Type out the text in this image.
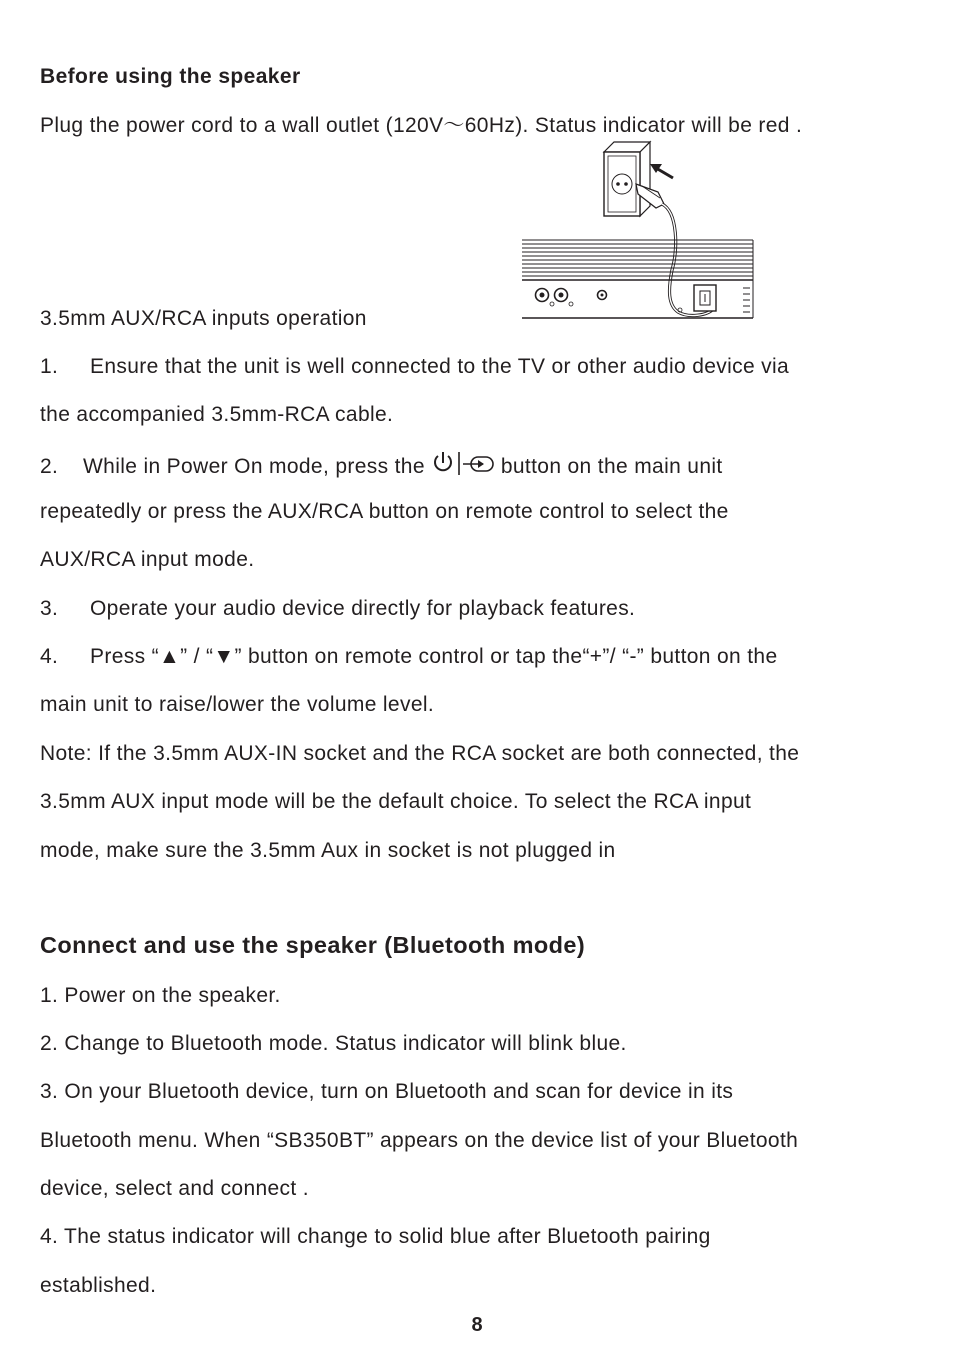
Before using the speaker
Plug the power cord to a wall outlet (120V～60Hz). Status indicator will be red .
3.5mm AUX/RCA inputs operation
1. Ensure that the unit is well connected to the TV or other audio device via
the accompanied 3.5mm-RCA cable.
2. While in Power On mode, press the	button on the main unit
repeatedly or press the AUX/RCA button on remote control to select the
AUX/RCA input mode.
3. Operate your audio device directly for playback features.
4. Press “▲” / “▼” button on remote control or tap the“+”/ “-” button on the
main unit to raise/lower the volume level.
Note: If the 3.5mm AUX-IN socket and the RCA socket are both connected, the
3.5mm AUX input mode will be the default choice. To select the RCA input
mode, make sure the 3.5mm Aux in socket is not plugged in
Connect and use the speaker (Bluetooth mode)
1. Power on the speaker.
2. Change to Bluetooth mode. Status indicator will blink blue.
3. On your Bluetooth device, turn on Bluetooth and scan for device in its
Bluetooth menu. When “SB350BT” appears on the device list of your Bluetooth
device, select and connect .
4. The status indicator will change to solid blue after Bluetooth pairing
established.
8
